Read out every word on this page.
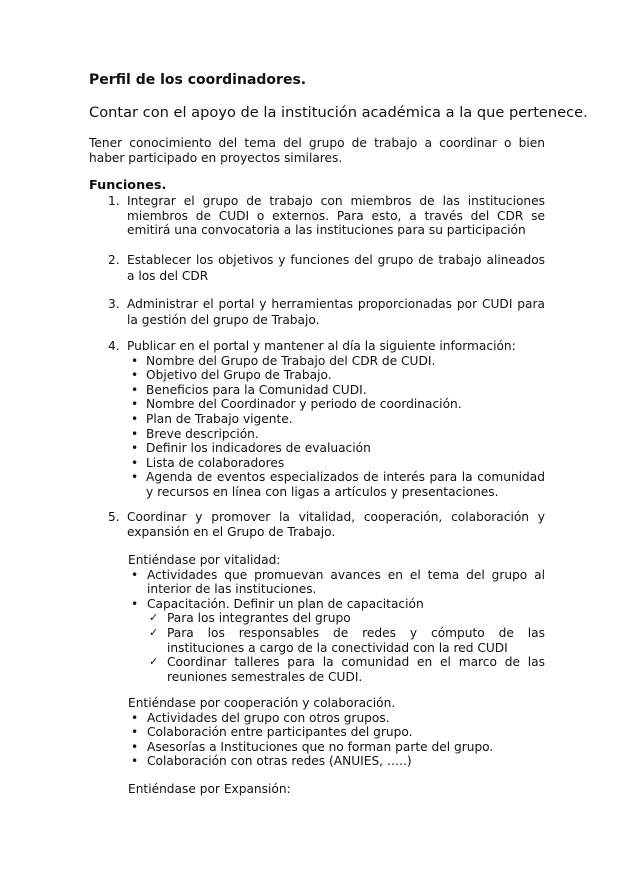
Perfil de los coordinadores.
Contar con el apoyo de la institución académica a la que pertenece.
Tener conocimiento del tema del grupo de trabajo a coordinar o bien haber participado en proyectos similares.
Funciones.
1. Integrar el grupo de trabajo con miembros de las instituciones miembros de CUDI o externos. Para esto, a través del CDR se emitirá una convocatoria a las instituciones para su participación
2. Establecer los objetivos y funciones del grupo de trabajo alineados a los del CDR
3. Administrar el portal y herramientas proporcionadas por CUDI para la gestión del grupo de Trabajo.
4. Publicar en el portal y mantener al día la siguiente información:
• Nombre del Grupo de Trabajo del CDR de CUDI.
• Objetivo del Grupo de Trabajo.
• Beneficios para la Comunidad CUDI.
• Nombre del Coordinador y periodo de coordinación.
• Plan de Trabajo vigente.
• Breve descripción.
• Definir los indicadores de evaluación
• Lista de colaboradores
• Agenda de eventos especializados de interés para la comunidad y recursos en línea con ligas a artículos y presentaciones.
5. Coordinar y promover la vitalidad, cooperación, colaboración y expansión en el Grupo de Trabajo.
Entiéndase por vitalidad:
• Actividades que promuevan avances en el tema del grupo al interior de las instituciones.
• Capacitación. Definir un plan de capacitación
✓ Para los integrantes del grupo
✓ Para los responsables de redes y cómputo de las instituciones a cargo de la conectividad con la red CUDI
✓ Coordinar talleres para la comunidad en el marco de las reuniones semestrales de CUDI.
Entiéndase por cooperación y colaboración.
• Actividades del grupo con otros grupos.
• Colaboración entre participantes del grupo.
• Asesorías a Instituciones que no forman parte del grupo.
• Colaboración con otras redes (ANUIES, …..)
Entiéndase por Expansión:
